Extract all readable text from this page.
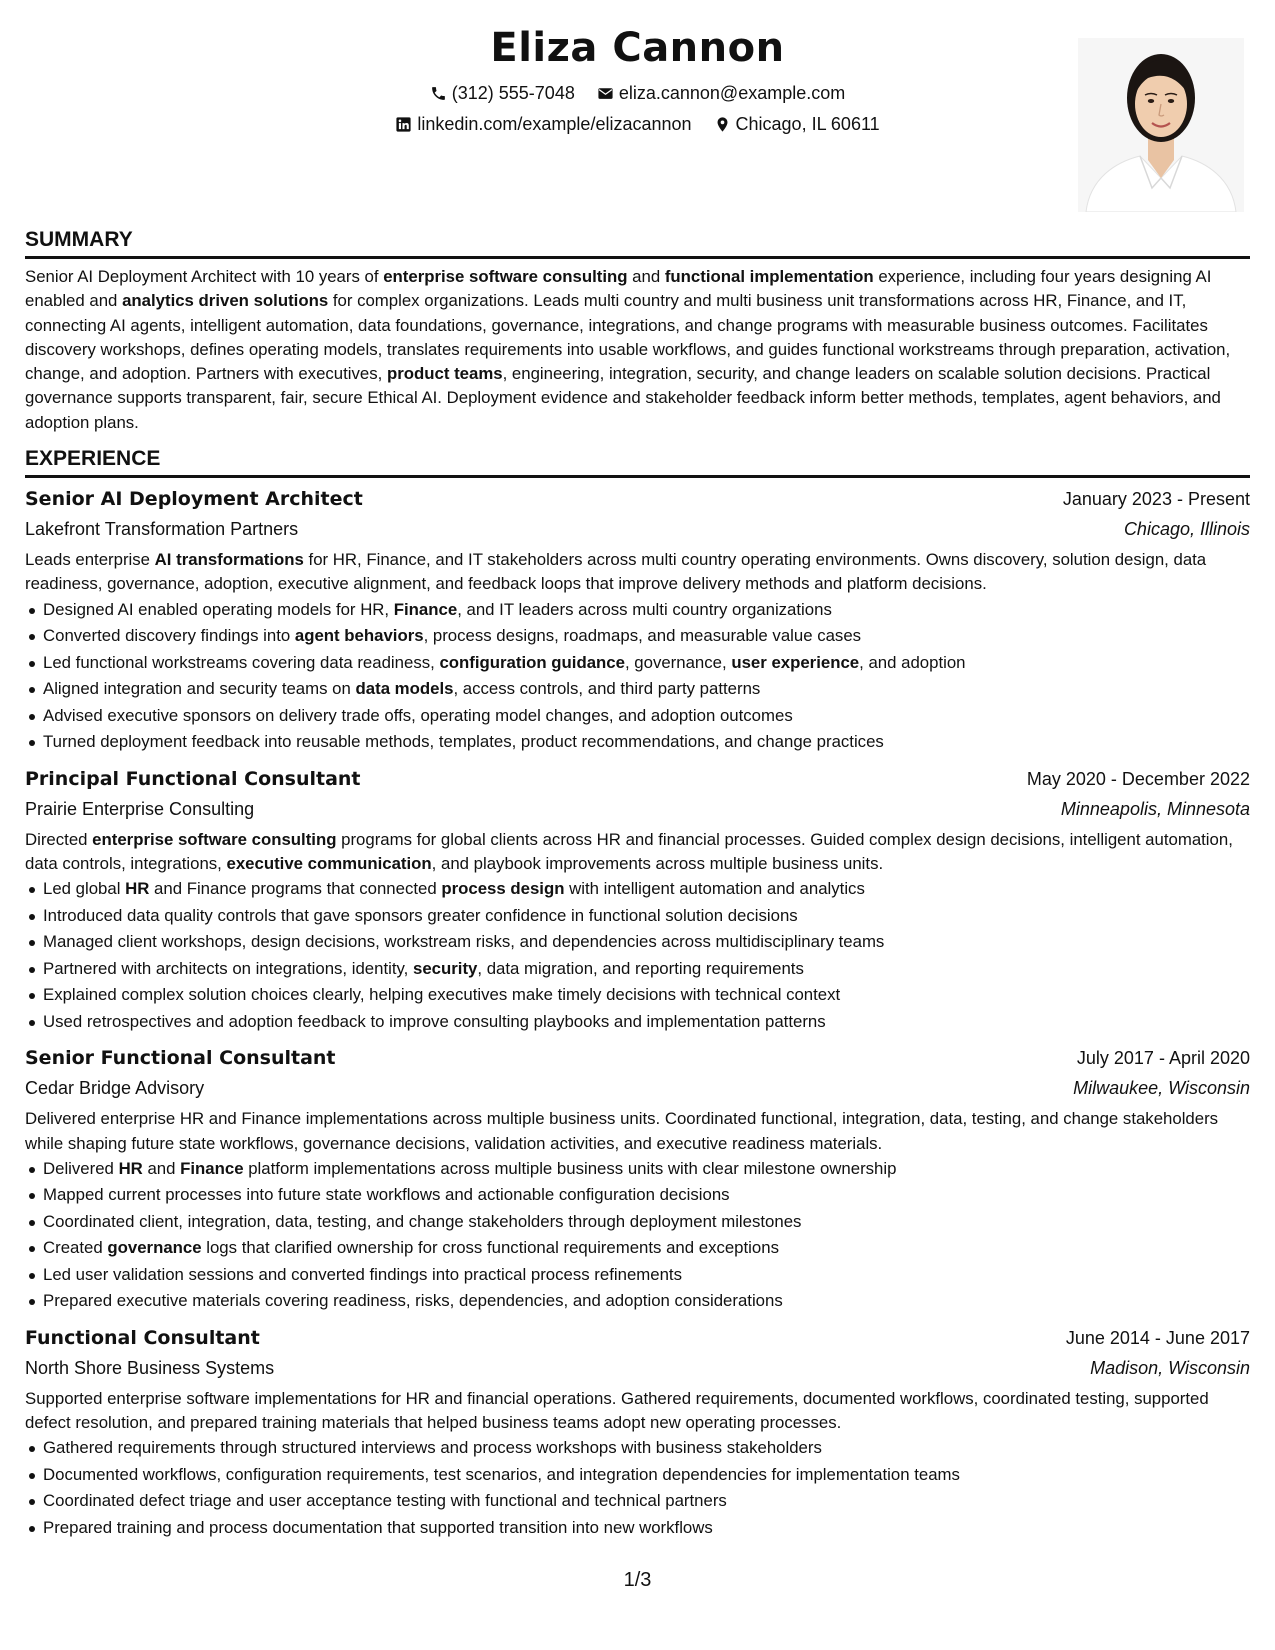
Eliza Cannon
(312) 555-7048 eliza.cannon@example.com
linkedin.com/example/elizacannon Chicago, IL 60611
SUMMARY

Senior AI Deployment Architect with 10 years of enterprise software consulting and functional implementation experience, including four years designing AI enabled and analytics driven solutions for complex organizations. Leads multi country and multi business unit transformations across HR, Finance, and IT, connecting AI agents, intelligent automation, data foundations, governance, integrations, and change programs with measurable business outcomes. Facilitates discovery workshops, defines operating models, translates requirements into usable workflows, and guides functional workstreams through preparation, activation, change, and adoption. Partners with executives, product teams, engineering, integration, security, and change leaders on scalable solution decisions. Practical governance supports transparent, fair, secure Ethical AI. Deployment evidence and stakeholder feedback inform better methods, templates, agent behaviors, and adoption plans.

EXPERIENCE
Senior AI Deployment Architect	January 2023 - Present
Lakefront Transformation Partners	Chicago, Illinois
Leads enterprise AI transformations for HR, Finance, and IT stakeholders across multi country operating environments. Owns discovery, solution design, data readiness, governance, adoption, executive alignment, and feedback loops that improve delivery methods and platform decisions.
Designed AI enabled operating models for HR, Finance, and IT leaders across multi country organizations
Converted discovery findings into agent behaviors, process designs, roadmaps, and measurable value cases
Led functional workstreams covering data readiness, configuration guidance, governance, user experience, and adoption
Aligned integration and security teams on data models, access controls, and third party patterns
Advised executive sponsors on delivery trade offs, operating model changes, and adoption outcomes
Turned deployment feedback into reusable methods, templates, product recommendations, and change practices
Principal Functional Consultant	May 2020 - December 2022
Prairie Enterprise Consulting	Minneapolis, Minnesota
Directed enterprise software consulting programs for global clients across HR and financial processes. Guided complex design decisions, intelligent automation, data controls, integrations, executive communication, and playbook improvements across multiple business units.
Led global HR and Finance programs that connected process design with intelligent automation and analytics
Introduced data quality controls that gave sponsors greater confidence in functional solution decisions
Managed client workshops, design decisions, workstream risks, and dependencies across multidisciplinary teams
Partnered with architects on integrations, identity, security, data migration, and reporting requirements
Explained complex solution choices clearly, helping executives make timely decisions with technical context
Used retrospectives and adoption feedback to improve consulting playbooks and implementation patterns
Senior Functional Consultant	July 2017 - April 2020
Cedar Bridge Advisory	Milwaukee, Wisconsin
Delivered enterprise HR and Finance implementations across multiple business units. Coordinated functional, integration, data, testing, and change stakeholders while shaping future state workflows, governance decisions, validation activities, and executive readiness materials.
Delivered HR and Finance platform implementations across multiple business units with clear milestone ownership
Mapped current processes into future state workflows and actionable configuration decisions
Coordinated client, integration, data, testing, and change stakeholders through deployment milestones
Created governance logs that clarified ownership for cross functional requirements and exceptions
Led user validation sessions and converted findings into practical process refinements
Prepared executive materials covering readiness, risks, dependencies, and adoption considerations
Functional Consultant	June 2014 - June 2017
North Shore Business Systems	Madison, Wisconsin
Supported enterprise software implementations for HR and financial operations. Gathered requirements, documented workflows, coordinated testing, supported defect resolution, and prepared training materials that helped business teams adopt new operating processes.
Gathered requirements through structured interviews and process workshops with business stakeholders
Documented workflows, configuration requirements, test scenarios, and integration dependencies for implementation teams
Coordinated defect triage and user acceptance testing with functional and technical partners
Prepared training and process documentation that supported transition into new workflows
1/3
